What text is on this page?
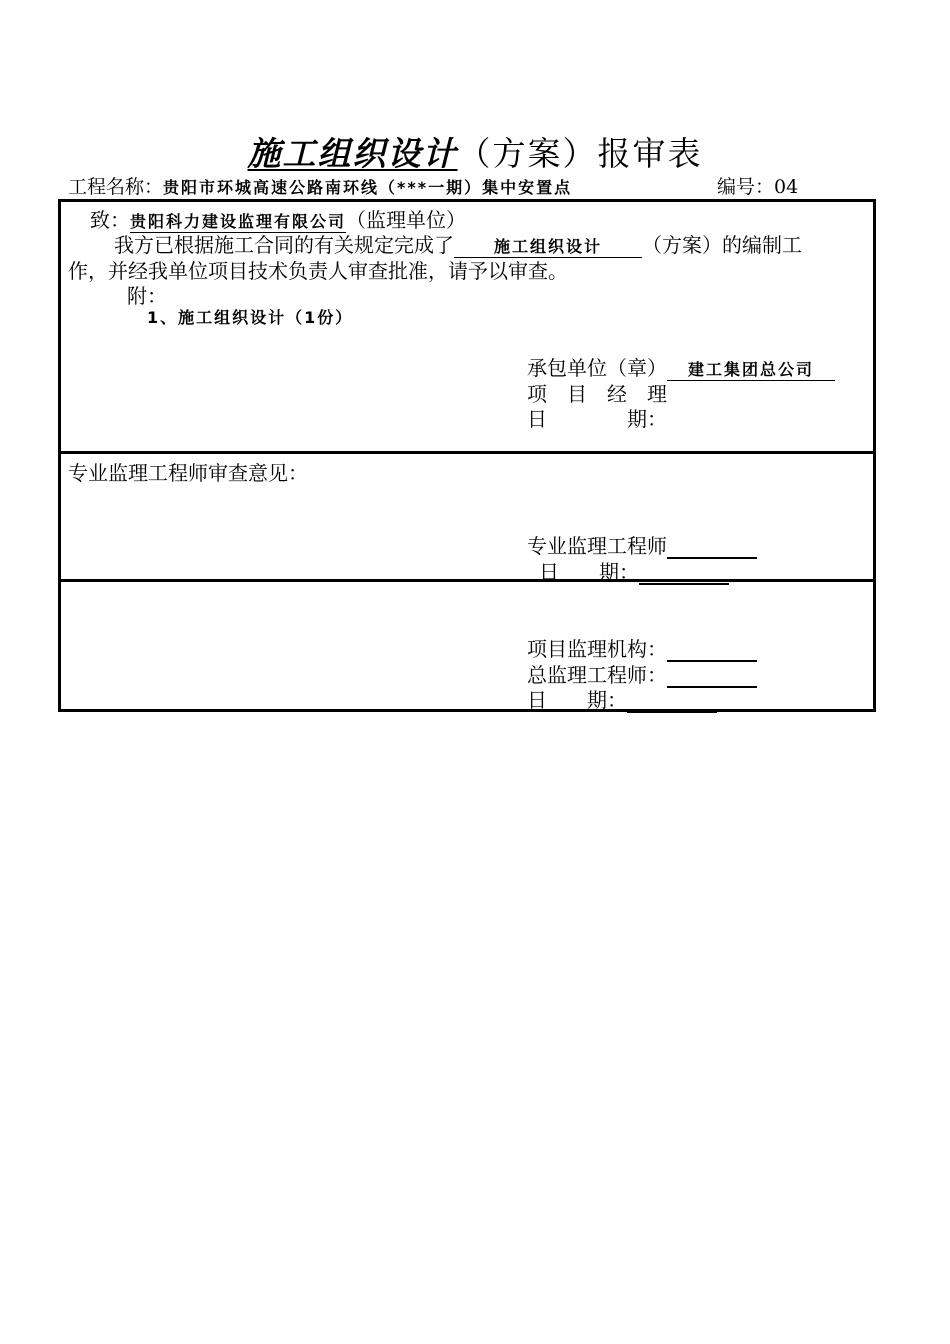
施工组织设计（方案）报审表
工程名称：贵阳市环城高速公路南环线（***一期）集中安置点	编号：04
致：贵阳科力建设监理有限公司（监理单位）
我方已根据施工合同的有关规定完成了 施工组织设计 （方案）的编制工
作，并经我单位项目技术负责人审查批准，请予以审查。
附：
1、施工组织设计（1份）
承包单位（章） 建工集团总公司
项　目　经　理
日　　　　期：
专业监理工程师审查意见：
专业监理工程师
日　　期：
项目监理机构：
总监理工程师：
日　　期：
